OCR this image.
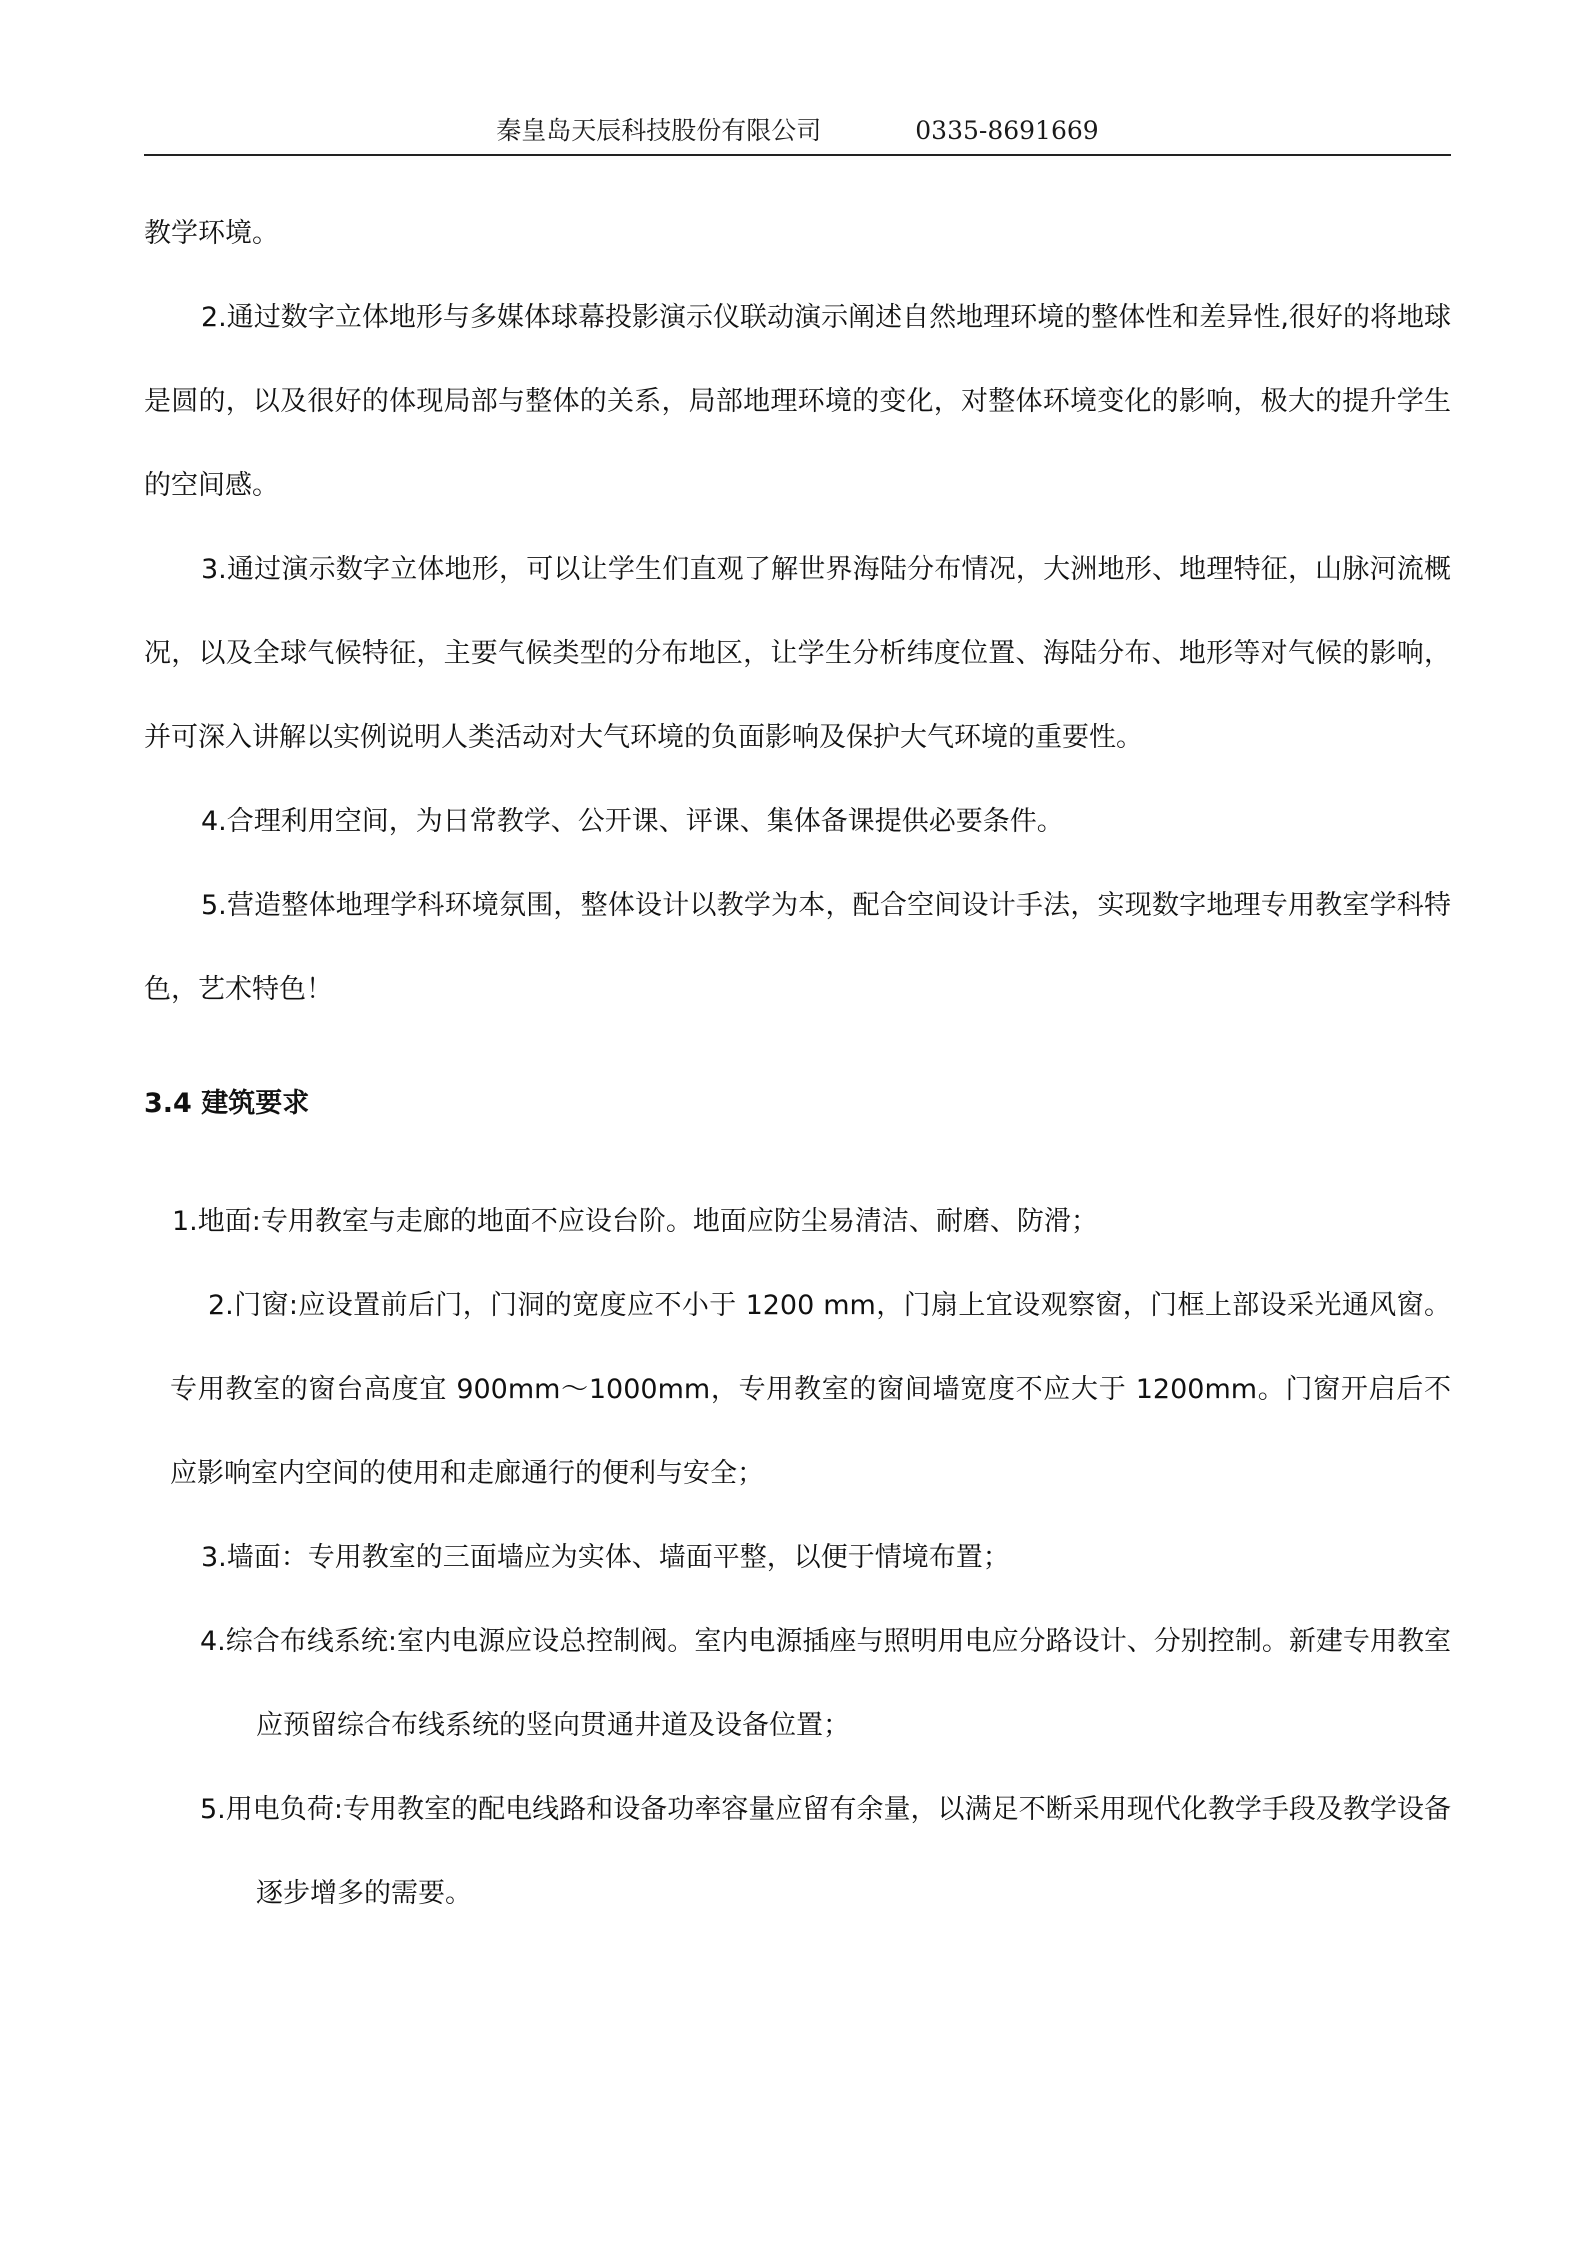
秦皇岛天辰科技股份有限公司	0335-8691669

教学环境。

2.通过数字立体地形与多媒体球幕投影演示仪联动演示阐述自然地理环境的整体性和差异性,很好的将地球是圆的，以及很好的体现局部与整体的关系，局部地理环境的变化，对整体环境变化的影响，极大的提升学生的空间感。

3.通过演示数字立体地形，可以让学生们直观了解世界海陆分布情况，大洲地形、地理特征，山脉河流概况，以及全球气候特征，主要气候类型的分布地区，让学生分析纬度位置、海陆分布、地形等对气候的影响，并可深入讲解以实例说明人类活动对大气环境的负面影响及保护大气环境的重要性。

4.合理利用空间，为日常教学、公开课、评课、集体备课提供必要条件。

5.营造整体地理学科环境氛围，整体设计以教学为本，配合空间设计手法，实现数字地理专用教室学科特色，艺术特色！

3.4 建筑要求

1.地面:专用教室与走廊的地面不应设台阶。地面应防尘易清洁、耐磨、防滑；

2.门窗:应设置前后门，门洞的宽度应不小于 1200 mm，门扇上宜设观察窗，门框上部设采光通风窗。专用教室的窗台高度宜 900mm～1000mm，专用教室的窗间墙宽度不应大于 1200mm。门窗开启后不应影响室内空间的使用和走廊通行的便利与安全；

3.墙面：专用教室的三面墙应为实体、墙面平整，以便于情境布置；

4.综合布线系统:室内电源应设总控制阀。室内电源插座与照明用电应分路设计、分别控制。新建专用教室应预留综合布线系统的竖向贯通井道及设备位置；

5.用电负荷:专用教室的配电线路和设备功率容量应留有余量，以满足不断采用现代化教学手段及教学设备逐步增多的需要。
